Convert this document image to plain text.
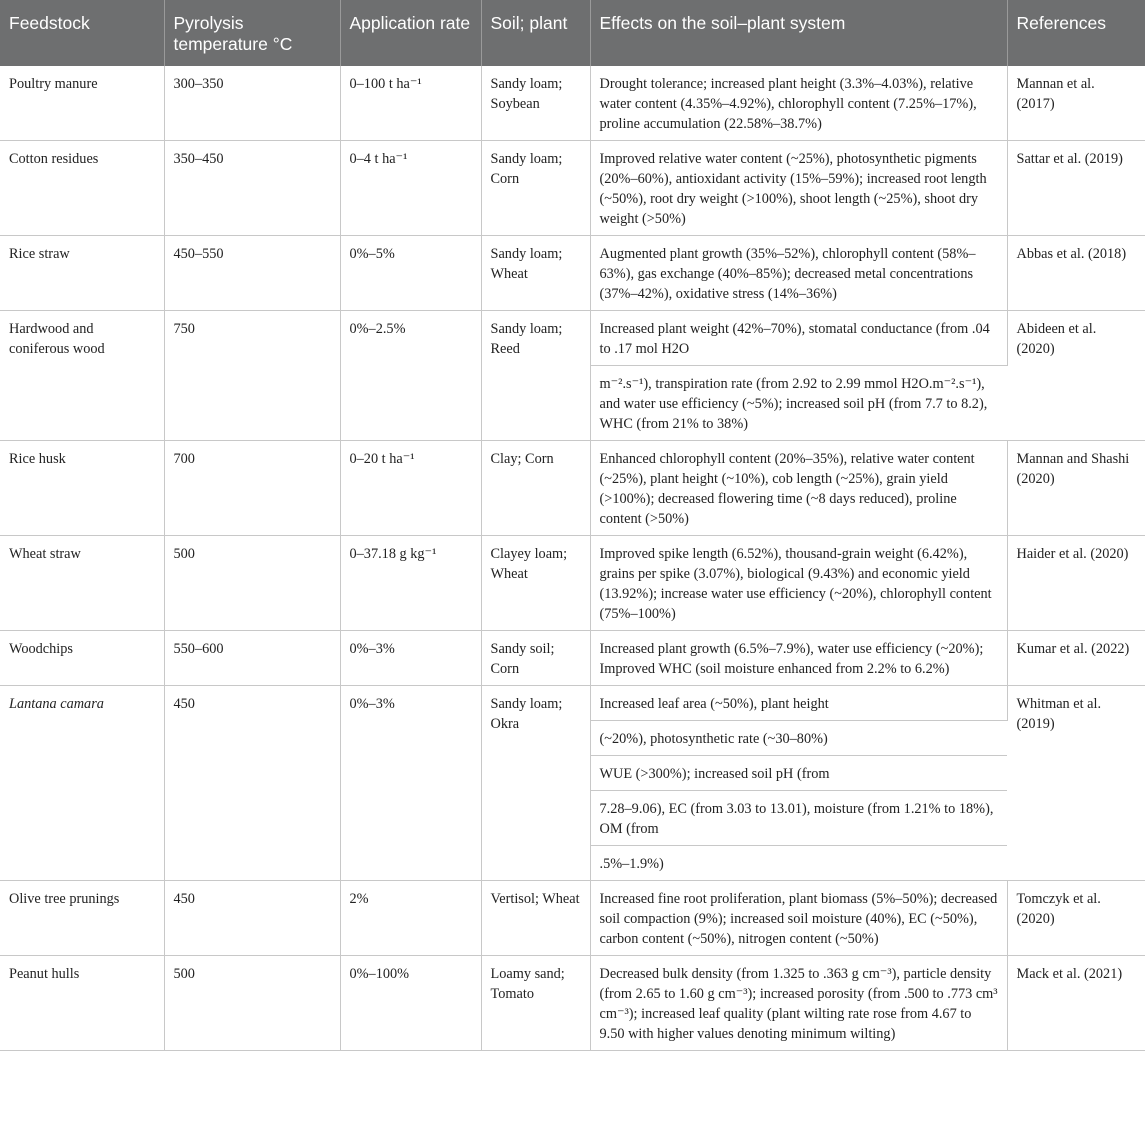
Feedstock	Pyrolysis temperature °C	Application rate	Soil; plant	Effects on the soil–plant system	References
Poultry manure	300–350	0–100 t ha⁻¹	Sandy loam; Soybean	Drought tolerance; increased plant height (3.3%–4.03%), relative water content (4.35%–4.92%), chlorophyll content (7.25%–17%), proline accumulation (22.58%–38.7%)	Mannan et al. (2017)
Cotton residues	350–450	0–4 t ha⁻¹	Sandy loam; Corn	Improved relative water content (~25%), photosynthetic pigments (20%–60%), antioxidant activity (15%–59%); increased root length (~50%), root dry weight (>100%), shoot length (~25%), shoot dry weight (>50%)	Sattar et al. (2019)
Rice straw	450–550	0%–5%	Sandy loam; Wheat	Augmented plant growth (35%–52%), chlorophyll content (58%–63%), gas exchange (40%–85%); decreased metal concentrations (37%–42%), oxidative stress (14%–36%)	Abbas et al. (2018)
Hardwood and coniferous wood	750	0%–2.5%	Sandy loam; Reed	Increased plant weight (42%–70%), stomatal conductance (from .04 to .17 mol H2O	Abideen et al. (2020)
				m⁻².s⁻¹), transpiration rate (from 2.92 to 2.99 mmol H2O.m⁻².s⁻¹), and water use efficiency (~5%); increased soil pH (from 7.7 to 8.2), WHC (from 21% to 38%)	
Rice husk	700	0–20 t ha⁻¹	Clay; Corn	Enhanced chlorophyll content (20%–35%), relative water content (~25%), plant height (~10%), cob length (~25%), grain yield (>100%); decreased flowering time (~8 days reduced), proline content (>50%)	Mannan and Shashi (2020)
Wheat straw	500	0–37.18 g kg⁻¹	Clayey loam; Wheat	Improved spike length (6.52%), thousand-grain weight (6.42%), grains per spike (3.07%), biological (9.43%) and economic yield (13.92%); increase water use efficiency (~20%), chlorophyll content (75%–100%)	Haider et al. (2020)
Woodchips	550–600	0%–3%	Sandy soil; Corn	Increased plant growth (6.5%–7.9%), water use efficiency (~20%); Improved WHC (soil moisture enhanced from 2.2% to 6.2%)	Kumar et al. (2022)
Lantana camara	450	0%–3%	Sandy loam; Okra	Increased leaf area (~50%), plant height	Whitman et al. (2019)
				(~20%), photosynthetic rate (~30–80%)	
				WUE (>300%); increased soil pH (from	
				7.28–9.06), EC (from 3.03 to 13.01), moisture (from 1.21% to 18%), OM (from	
				.5%–1.9%)	
Olive tree prunings	450	2%	Vertisol; Wheat	Increased fine root proliferation, plant biomass (5%–50%); decreased soil compaction (9%); increased soil moisture (40%), EC (~50%), carbon content (~50%), nitrogen content (~50%)	Tomczyk et al. (2020)
Peanut hulls	500	0%–100%	Loamy sand; Tomato	Decreased bulk density (from 1.325 to .363 g cm⁻³), particle density (from 2.65 to 1.60 g cm⁻³); increased porosity (from .500 to .773 cm³ cm⁻³); increased leaf quality (plant wilting rate rose from 4.67 to 9.50 with higher values denoting minimum wilting)	Mack et al. (2021)
